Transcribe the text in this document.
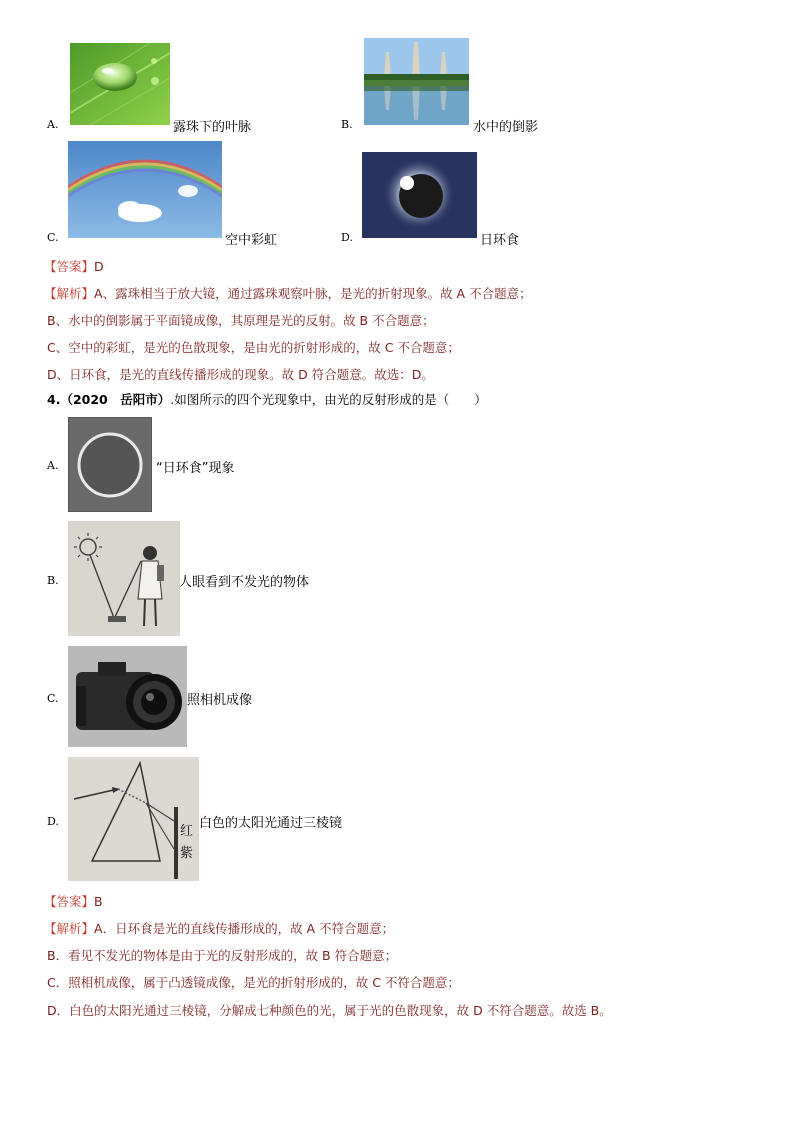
A.	露珠下的叶脉	B.	水中的倒影
C.	空中彩虹	D.	日环食
【答案】D
【解析】A、露珠相当于放大镜，通过露珠观察叶脉，是光的折射现象。故 A 不合题意；
B、水中的倒影属于平面镜成像，其原理是光的反射。故 B 不合题意；
C、空中的彩虹，是光的色散现象，是由光的折射形成的，故 C 不合题意；
D、日环食，是光的直线传播形成的现象。故 D 符合题意。故选：D。
4.（2020　岳阳市）.如图所示的四个光现象中，由光的反射形成的是（　　）
A.	“日环食”现象
B.	人眼看到不发光的物体
C.	照相机成像
红
紫
D.	白色的太阳光通过三棱镜
【答案】B
【解析】A．日环食是光的直线传播形成的，故 A 不符合题意；
B．看见不发光的物体是由于光的反射形成的，故 B 符合题意；
C．照相机成像，属于凸透镜成像，是光的折射形成的，故 C 不符合题意；
D．白色的太阳光通过三棱镜，分解成七种颜色的光，属于光的色散现象，故 D 不符合题意。故选 B。
